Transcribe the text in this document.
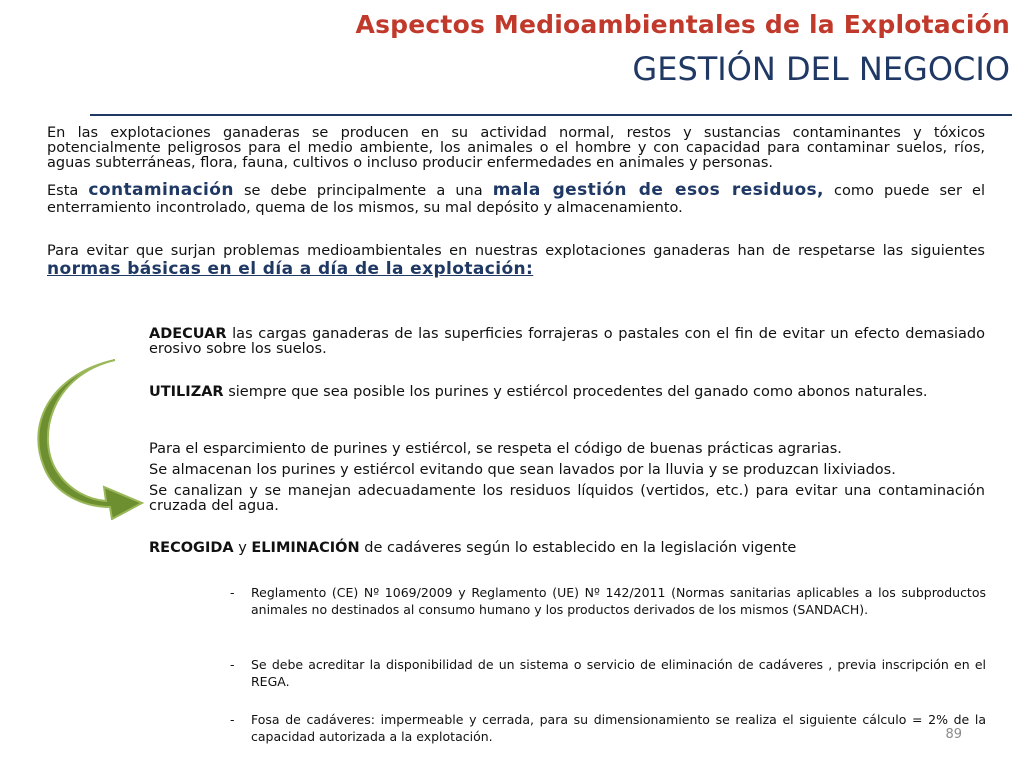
Aspectos Medioambientales de la Explotación
GESTIÓN DEL NEGOCIO
En las explotaciones ganaderas se producen en su actividad normal, restos y sustancias contaminantes y tóxicos potencialmente peligrosos para el medio ambiente, los animales o el hombre y con capacidad para contaminar suelos, ríos, aguas subterráneas, flora, fauna, cultivos o incluso producir enfermedades en animales y personas.
Esta contaminación se debe principalmente a una mala gestión de esos residuos, como puede ser el enterramiento incontrolado, quema de los mismos, su mal depósito y almacenamiento.
Para evitar que surjan problemas medioambientales en nuestras explotaciones ganaderas han de respetarse las siguientes normas básicas en el día a día de la explotación:
ADECUAR las cargas ganaderas de las superficies forrajeras o pastales con el fin de evitar un efecto demasiado erosivo sobre los suelos.
UTILIZAR siempre que sea posible los purines y estiércol procedentes del ganado como abonos naturales.
Para el esparcimiento de purines y estiércol, se respeta el código de buenas prácticas agrarias.
Se almacenan los purines y estiércol evitando que sean lavados por la lluvia y se produzcan lixiviados.
Se canalizan y se manejan adecuadamente los residuos líquidos (vertidos, etc.) para evitar una contaminación cruzada del agua.
RECOGIDA y ELIMINACIÓN de cadáveres según lo establecido en la legislación vigente
- Reglamento (CE) Nº 1069/2009 y Reglamento (UE) Nº 142/2011 (Normas sanitarias aplicables a los subproductos animales no destinados al consumo humano y los productos derivados de los mismos (SANDACH).
- Se debe acreditar la disponibilidad de un sistema o servicio de eliminación de cadáveres , previa inscripción en el REGA.
- Fosa de cadáveres: impermeable y cerrada, para su dimensionamiento se realiza el siguiente cálculo = 2% de la capacidad autorizada a la explotación.	89
